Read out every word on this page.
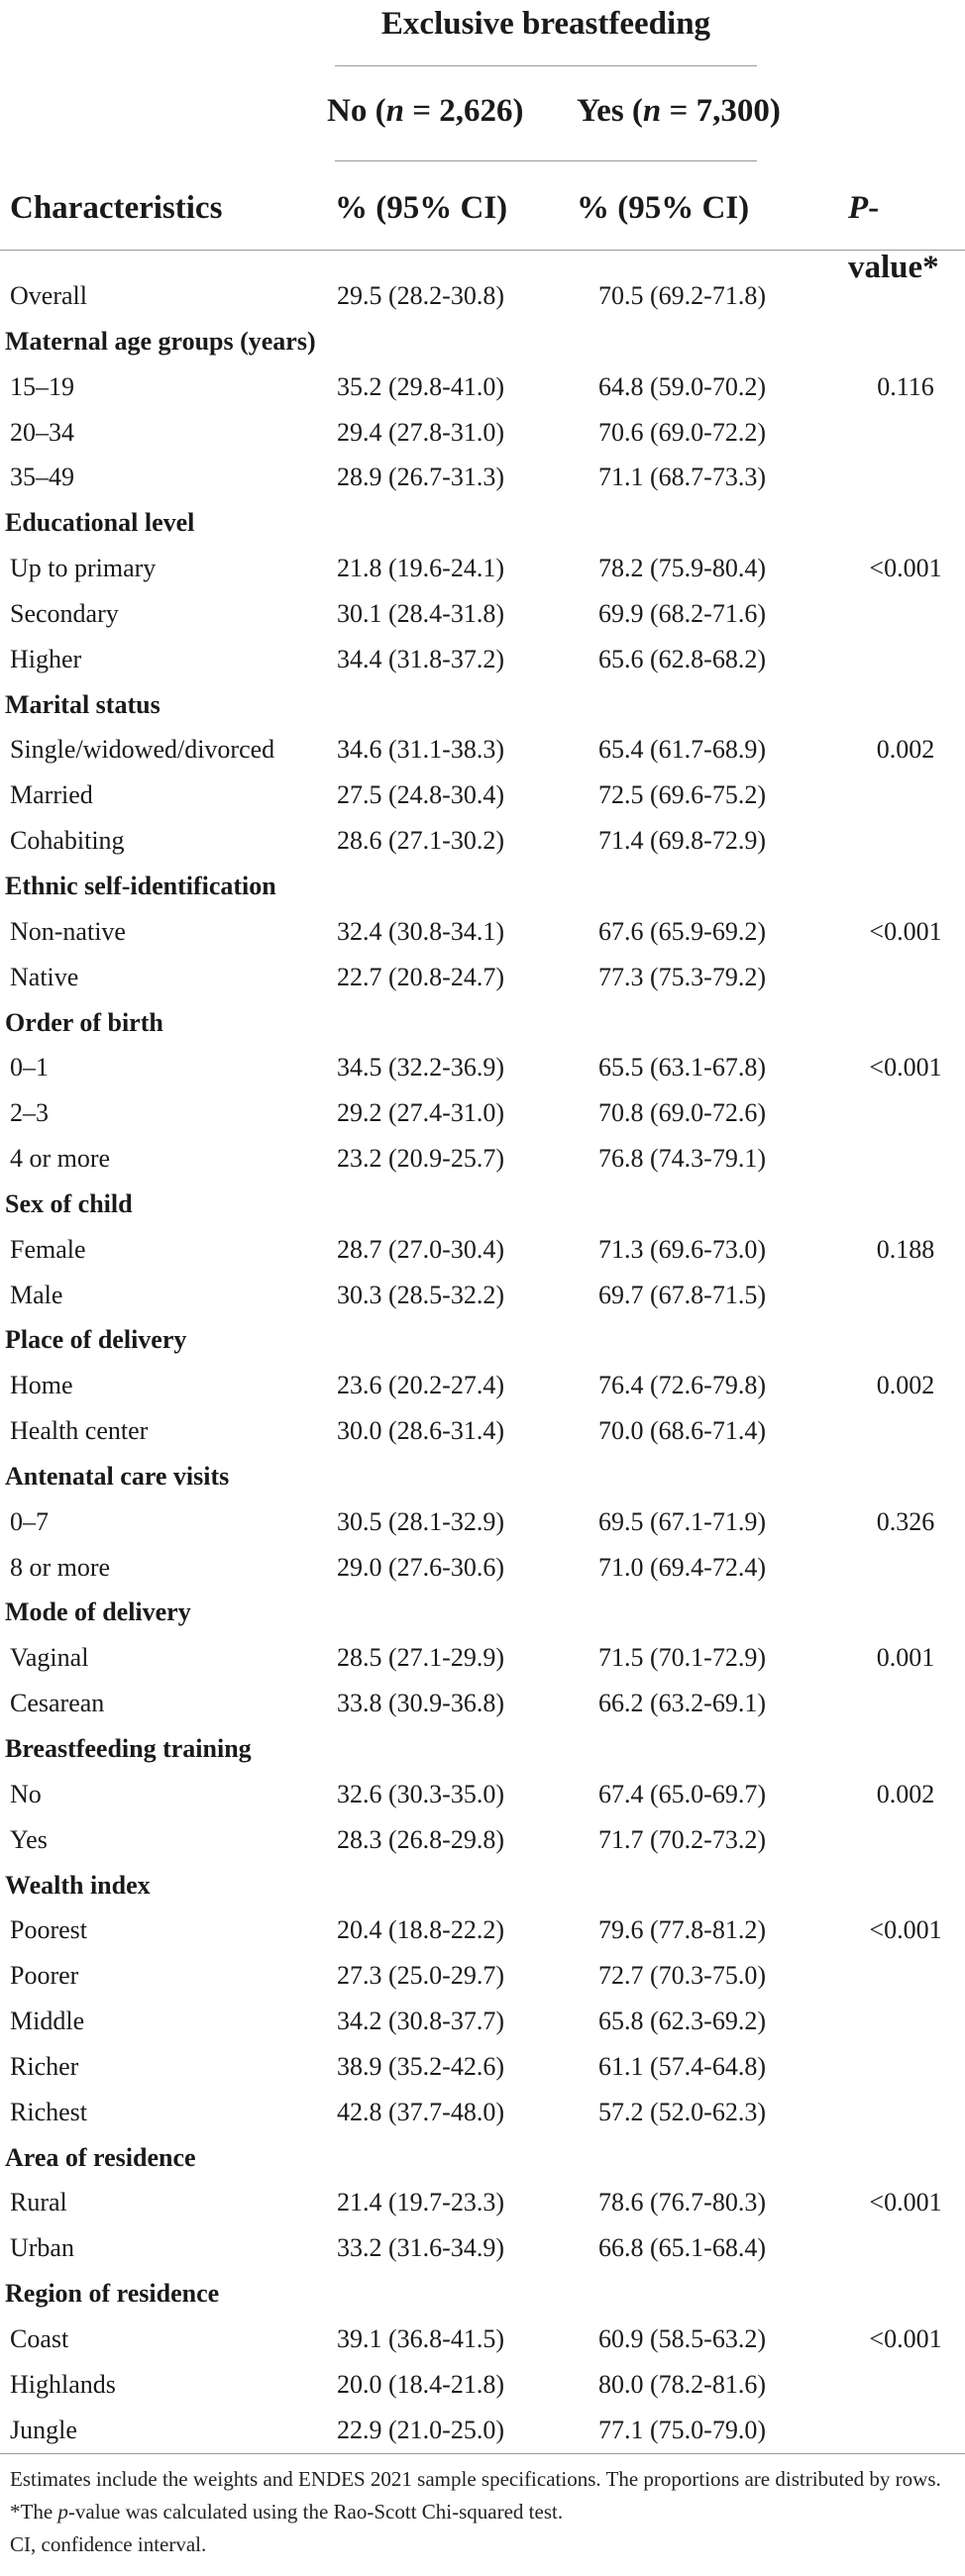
Exclusive breastfeeding
No (n = 2,626) Yes (n = 7,300)
Characteristics	% (95% CI)	% (95% CI)	P-value*
Overall	29.5 (28.2-30.8)	70.5 (69.2-71.8)
Maternal age groups (years)
15–19	35.2 (29.8-41.0)	64.8 (59.0-70.2)	0.116
20–34	29.4 (27.8-31.0)	70.6 (69.0-72.2)
35–49	28.9 (26.7-31.3)	71.1 (68.7-73.3)
Educational level
Up to primary	21.8 (19.6-24.1)	78.2 (75.9-80.4)	<0.001
Secondary	30.1 (28.4-31.8)	69.9 (68.2-71.6)
Higher	34.4 (31.8-37.2)	65.6 (62.8-68.2)
Marital status
Single/widowed/divorced 34.6 (31.1-38.3)	65.4 (61.7-68.9)	0.002
Married	27.5 (24.8-30.4)	72.5 (69.6-75.2)
Cohabiting	28.6 (27.1-30.2)	71.4 (69.8-72.9)
Ethnic self-identification
Non-native	32.4 (30.8-34.1)	67.6 (65.9-69.2)	<0.001
Native	22.7 (20.8-24.7)	77.3 (75.3-79.2)
Order of birth
0–1	34.5 (32.2-36.9)	65.5 (63.1-67.8)	<0.001
2–3	29.2 (27.4-31.0)	70.8 (69.0-72.6)
4 or more	23.2 (20.9-25.7)	76.8 (74.3-79.1)
Sex of child
Female	28.7 (27.0-30.4)	71.3 (69.6-73.0)	0.188
Male	30.3 (28.5-32.2)	69.7 (67.8-71.5)
Place of delivery
Home	23.6 (20.2-27.4)	76.4 (72.6-79.8)	0.002
Health center	30.0 (28.6-31.4)	70.0 (68.6-71.4)
Antenatal care visits
0–7	30.5 (28.1-32.9)	69.5 (67.1-71.9)	0.326
8 or more	29.0 (27.6-30.6)	71.0 (69.4-72.4)
Mode of delivery
Vaginal	28.5 (27.1-29.9)	71.5 (70.1-72.9)	0.001
Cesarean	33.8 (30.9-36.8)	66.2 (63.2-69.1)
Breastfeeding training
No	32.6 (30.3-35.0)	67.4 (65.0-69.7)	0.002
Yes	28.3 (26.8-29.8)	71.7 (70.2-73.2)
Wealth index
Poorest	20.4 (18.8-22.2)	79.6 (77.8-81.2)	<0.001
Poorer	27.3 (25.0-29.7)	72.7 (70.3-75.0)
Middle	34.2 (30.8-37.7)	65.8 (62.3-69.2)
Richer	38.9 (35.2-42.6)	61.1 (57.4-64.8)
Richest	42.8 (37.7-48.0)	57.2 (52.0-62.3)
Area of residence
Rural	21.4 (19.7-23.3)	78.6 (76.7-80.3)	<0.001
Urban	33.2 (31.6-34.9)	66.8 (65.1-68.4)
Region of residence
Coast	39.1 (36.8-41.5)	60.9 (58.5-63.2)	<0.001
Highlands	20.0 (18.4-21.8)	80.0 (78.2-81.6)
Jungle	22.9 (21.0-25.0)	77.1 (75.0-79.0)

Estimates include the weights and ENDES 2021 sample specifications. The proportions are distributed by rows. *The p-value was calculated using the Rao-Scott Chi-squared test.

CI, confidence interval.
